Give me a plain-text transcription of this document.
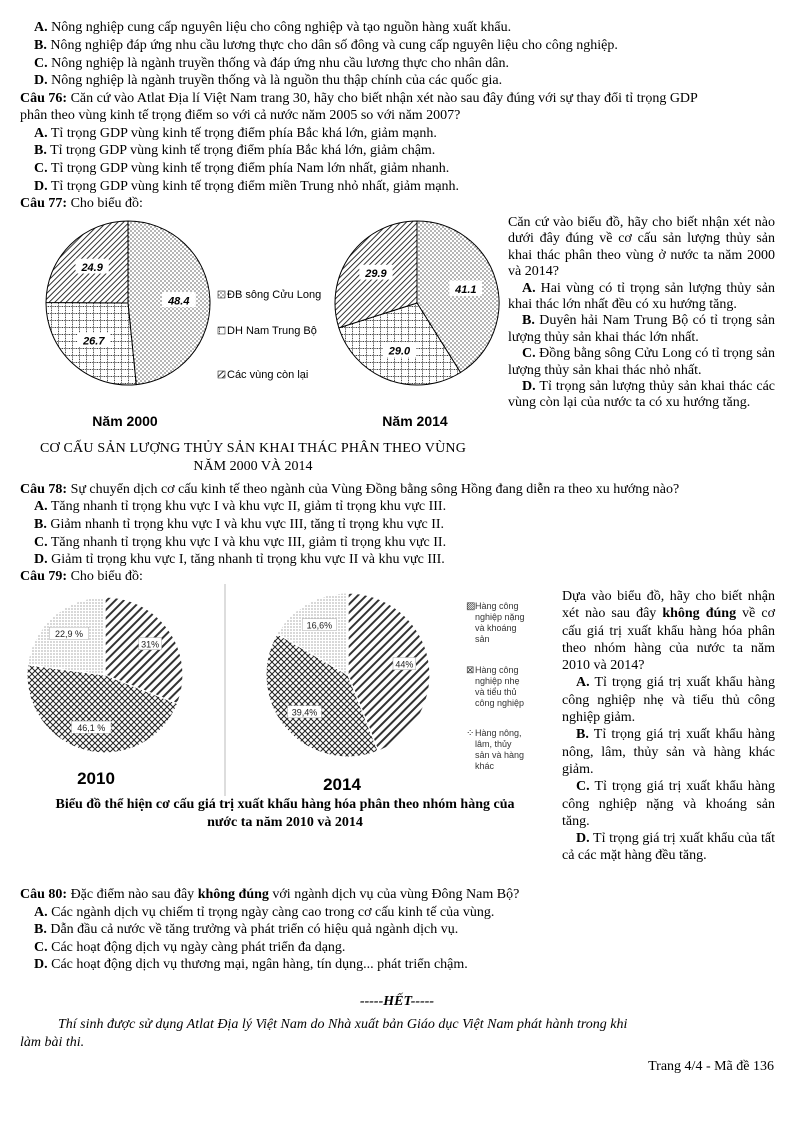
A. Nông nghiệp cung cấp nguyên liệu cho công nghiệp và tạo nguồn hàng xuất khẩu.
B. Nông nghiệp đáp ứng nhu cầu lương thực cho dân số đông và cung cấp nguyên liệu cho công nghiệp.
C. Nông nghiệp là ngành truyền thống và đáp ứng nhu cầu lương thực cho nhân dân.
D. Nông nghiệp là ngành truyền thống và là nguồn thu thập chính của các quốc gia.
Câu 76: Căn cứ vào Atlat Địa lí Việt Nam trang 30, hãy cho biết nhận xét nào sau đây đúng với sự thay đổi tỉ trọng GDP
phân theo vùng kinh tế trọng điểm so với cả nước năm 2005 so với năm 2007?
A. Tỉ trọng GDP vùng kinh tế trọng điểm phía Bắc khá lớn, giảm mạnh.
B. Tỉ trọng GDP vùng kinh tế trọng điểm phía Bắc khá lớn, giảm chậm.
C. Tỉ trọng GDP vùng kinh tế trọng điểm phía Nam lớn nhất, giảm nhanh.
D. Tỉ trọng GDP vùng kinh tế trọng điểm miền Trung nhỏ nhất, giảm mạnh.
Câu 77: Cho biểu đồ:
48.4
26.7
24.9
41.1
29.0
29.9
ĐB sông Cửu Long
DH Nam Trung Bộ
Các vùng còn lại
Năm 2000	Năm 2014
CƠ CẤU SẢN LƯỢNG THỦY SẢN KHAI THÁC PHÂN THEO VÙNG
NĂM 2000 VÀ 2014

Căn cứ vào biểu đồ, hãy cho biết nhận xét nào dưới đây đúng về cơ cấu sản lượng thủy sản khai thác phân theo vùng ở nước ta năm 2000 và 2014?

A. Hai vùng có tỉ trọng sản lượng thủy sản khai thác lớn nhất đều có xu hướng tăng.

B. Duyên hải Nam Trung Bộ có tỉ trọng sản lượng thủy sản khai thác lớn nhất.

C. Đồng bằng sông Cửu Long có tỉ trọng sản lượng thủy sản khai thác nhỏ nhất.

D. Tỉ trọng sản lượng thủy sản khai thác các vùng còn lại của nước ta có xu hướng tăng.

Câu 78: Sự chuyển dịch cơ cấu kinh tế theo ngành của Vùng Đồng bằng sông Hồng đang diễn ra theo xu hướng nào?
A. Tăng nhanh tỉ trọng khu vực I và khu vực II, giảm tỉ trọng khu vực III.
B. Giảm nhanh tỉ trọng khu vực I và khu vực III, tăng tỉ trọng khu vực II.
C. Tăng nhanh tỉ trọng khu vực I và khu vực III, giảm tỉ trọng khu vực II.
D. Giảm tỉ trọng khu vực I, tăng nhanh tỉ trọng khu vực II và khu vực III.
Câu 79: Cho biểu đồ:
31%
46,1 %
22,9 %
44%
39,4%
16,6%
▨ Hàng công nghiệp nặng và khoáng sản
⊠ Hàng công nghiệp nhẹ và tiểu thủ công nghiệp
⁘ Hàng nông, lâm, thủy sản và hàng khác
2010	2014
Biểu đồ thể hiện cơ cấu giá trị xuất khẩu hàng hóa phân theo nhóm hàng của
nước ta năm 2010 và 2014

Dựa vào biểu đồ, hãy cho biết nhận xét nào sau đây không đúng về cơ cấu giá trị xuất khẩu hàng hóa phân theo nhóm hàng của nước ta năm 2010 và 2014?

A. Tỉ trọng giá trị xuất khẩu hàng công nghiệp nhẹ và tiểu thủ công nghiệp giảm.

B. Tỉ trọng giá trị xuất khẩu hàng nông, lâm, thủy sản và hàng khác giảm.

C. Tỉ trọng giá trị xuất khẩu hàng công nghiệp nặng và khoáng sản tăng.

D. Tỉ trọng giá trị xuất khẩu của tất cả các mặt hàng đều tăng.

Câu 80: Đặc điểm nào sau đây không đúng với ngành dịch vụ của vùng Đông Nam Bộ?
A. Các ngành dịch vụ chiếm tỉ trọng ngày càng cao trong cơ cấu kinh tế của vùng.
B. Dẫn đầu cả nước về tăng trưởng và phát triển có hiệu quả ngành dịch vụ.
C. Các hoạt động dịch vụ ngày càng phát triển đa dạng.
D. Các hoạt động dịch vụ thương mại, ngân hàng, tín dụng... phát triển chậm.
-----HẾT-----
Thí sinh được sử dụng Atlat Địa lý Việt Nam do Nhà xuất bản Giáo dục Việt Nam phát hành trong khi
làm bài thi.
Trang 4/4 - Mã đề 136
